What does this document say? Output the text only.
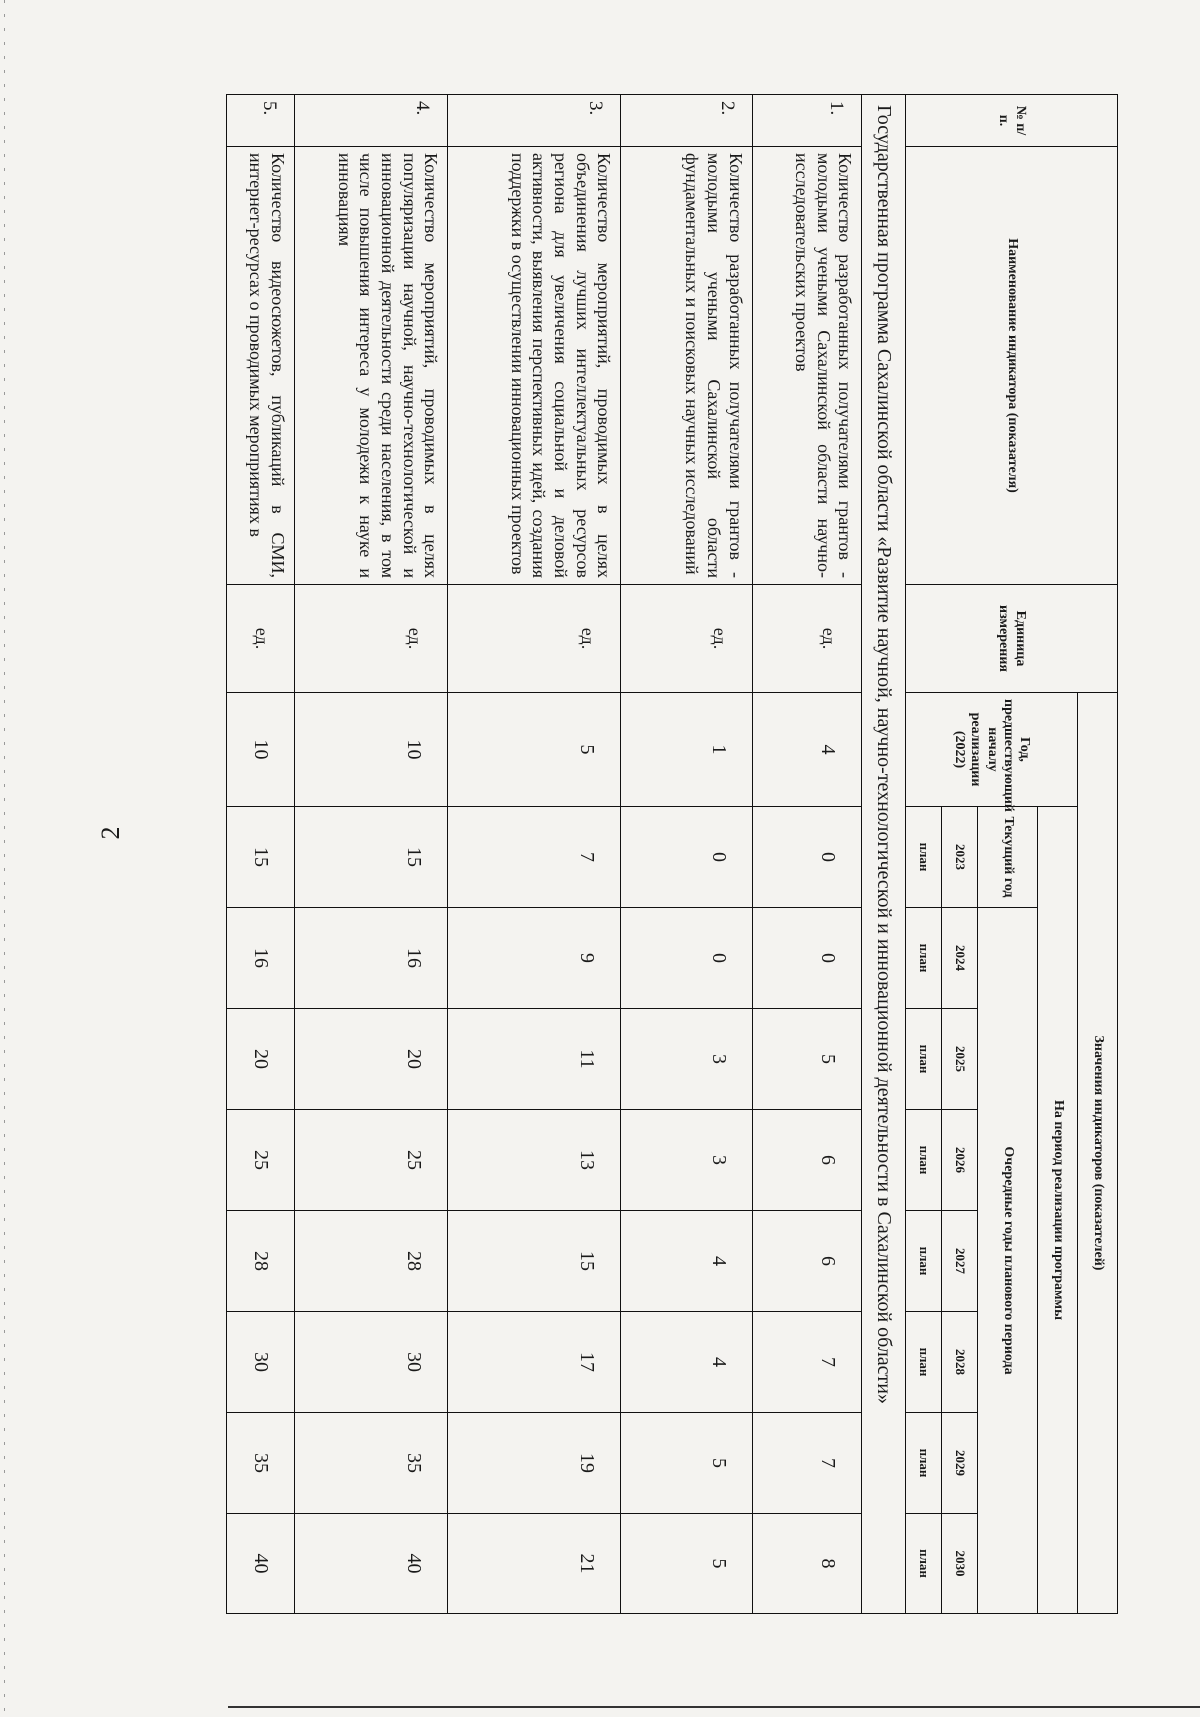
2
№ п/п.	Наименование индикатора (показателя)	Единица измерения	Значения индикаторов (показателей)								
			Год, предшествующий началу реализации (2022)	На период реализации программы							
				Текущий год	Очередные годы планового периода						
				2023	2024	2025	2026	2027	2028	2029	2030
				план	план	план	план	план	план	план	план
Государственная программа Сахалинской области «Развитие научной, научно-технологической и инновационной деятельности в Сахалинской области»											
1.	Количество разработанных получателями грантов - молодыми учеными Сахалинской области научно-исследовательских проектов	ед.	4	0	0	5	6	6	7	7	8
2.	Количество разработанных получателями грантов - молодыми учеными Сахалинской области фундаментальных и поисковых научных исследований	ед.	1	0	0	3	3	4	4	5	5
3.	Количество мероприятий, проводимых в целях объединения лучших интеллектуальных ресурсов региона для увеличения социальной и деловой активности, выявления перспективных идей, создания поддержки в осуществлении инновационных проектов	ед.	5	7	9	11	13	15	17	19	21
4.	Количество мероприятий, проводимых в целях популяризации научной, научно-технологической и инновационной деятельности среди населения, в том числе повышения интереса у молодежи к науке и инновациям	ед.	10	15	16	20	25	28	30	35	40
5.	Количество видеосюжетов, публикаций в СМИ, интернет-ресурсах о проводимых мероприятиях в	ед.	10	15	16	20	25	28	30	35	40
